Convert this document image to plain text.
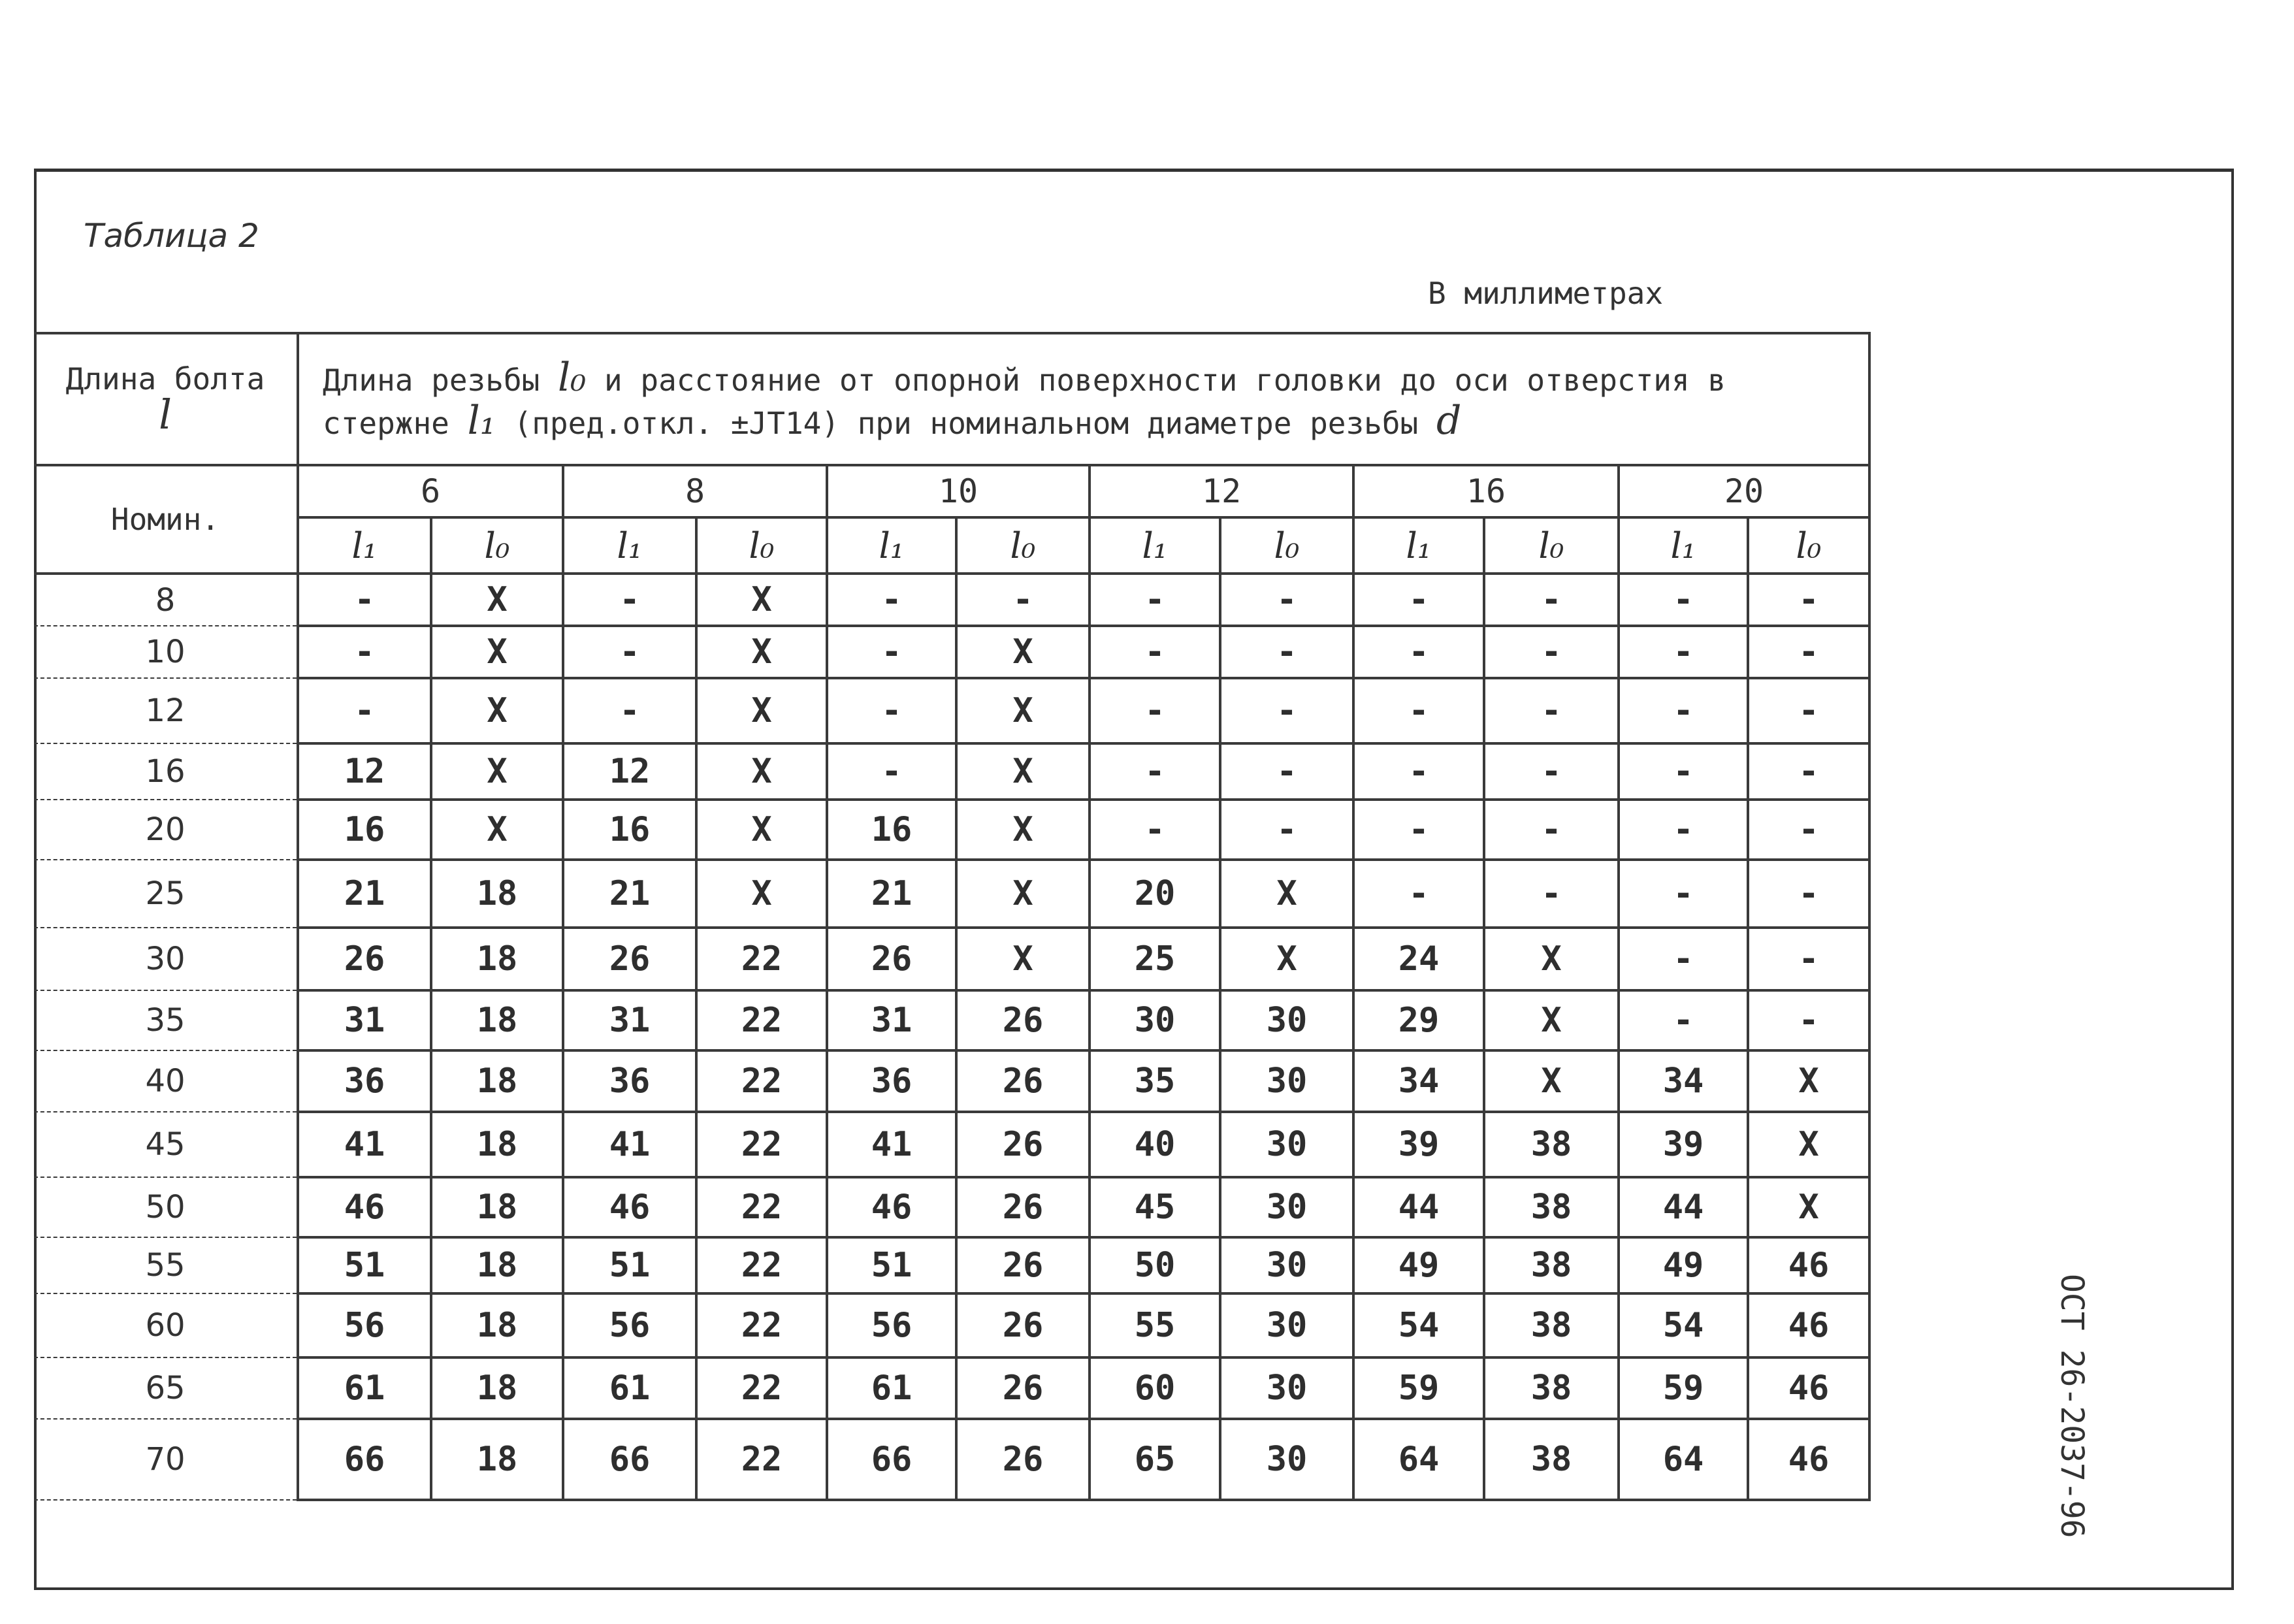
Таблица 2
В миллиметрах
ОСТ 26-2037-96
Длина болта
l	Длина резьбы l₀ и расстояние от опорной поверхности головки до оси отверстия в стержне l₁ (пред.откл. ±JT14) при номинальном диаметре резьбы d											
Номин.	6		8		10		12		16		20	
	l₁	l₀	l₁	l₀	l₁	l₀	l₁	l₀	l₁	l₀	l₁	l₀
8	-	X	-	X	-	-	-	-	-	-	-	-
10	-	X	-	X	-	X	-	-	-	-	-	-
12	-	X	-	X	-	X	-	-	-	-	-	-
16	12	X	12	X	-	X	-	-	-	-	-	-
20	16	X	16	X	16	X	-	-	-	-	-	-
25	21	18	21	X	21	X	20	X	-	-	-	-
30	26	18	26	22	26	X	25	X	24	X	-	-
35	31	18	31	22	31	26	30	30	29	X	-	-
40	36	18	36	22	36	26	35	30	34	X	34	X
45	41	18	41	22	41	26	40	30	39	38	39	X
50	46	18	46	22	46	26	45	30	44	38	44	X
55	51	18	51	22	51	26	50	30	49	38	49	46
60	56	18	56	22	56	26	55	30	54	38	54	46
65	61	18	61	22	61	26	60	30	59	38	59	46
70	66	18	66	22	66	26	65	30	64	38	64	46
